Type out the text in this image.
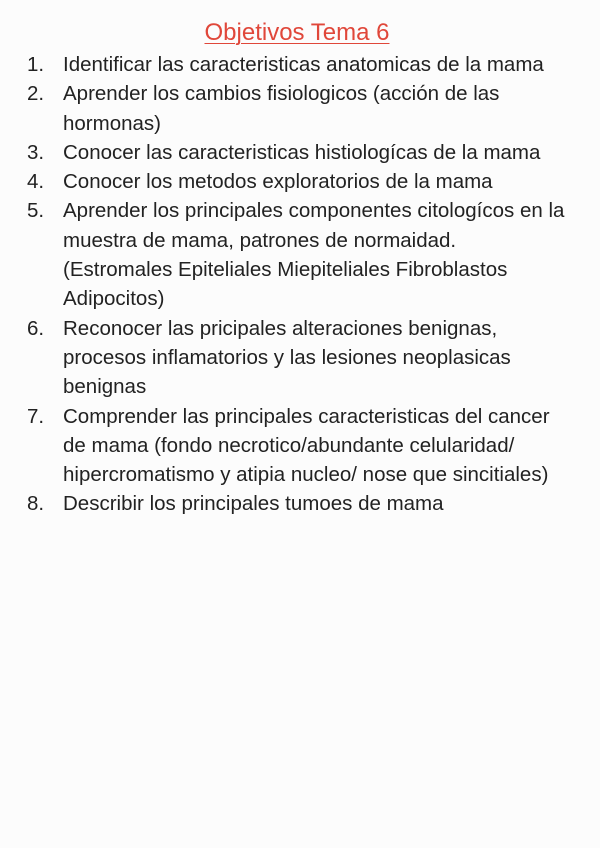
Objetivos Tema 6
1. Identificar las caracteristicas anatomicas de la mama
2. Aprender los cambios fisiologicos (acción de las hormonas)
3. Conocer las caracteristicas histiologícas de la mama
4. Conocer los metodos exploratorios de la mama
5. Aprender los principales componentes citologícos en la muestra de mama, patrones de normaidad. (Estromales Epiteliales Miepiteliales Fibroblastos Adipocitos)
6. Reconocer las pricipales alteraciones benignas, procesos inflamatorios y las lesiones neoplasicas benignas
7. Comprender las principales caracteristicas del cancer de mama (fondo necrotico/abundante celularidad/ hipercromatismo y atipia nucleo/ nose que sincitiales)
8. Describir los principales tumoes de mama
